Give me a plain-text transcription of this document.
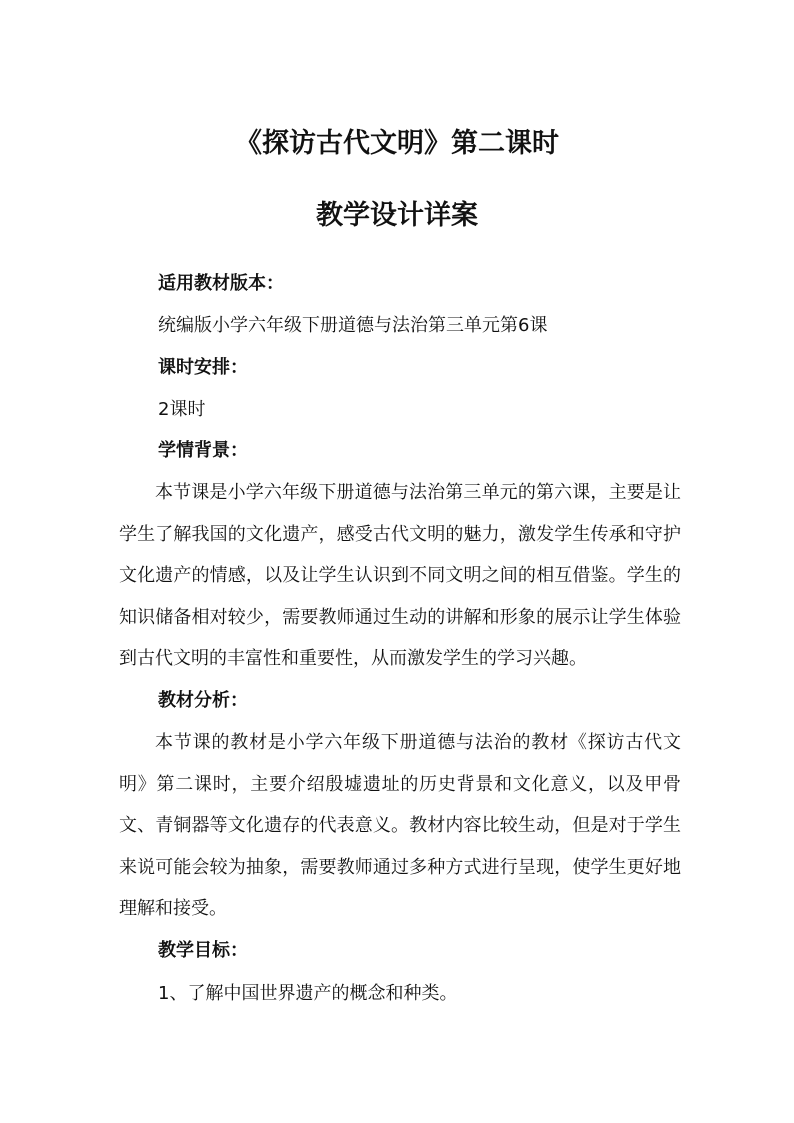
《探访古代文明》第二课时
教学设计详案
适用教材版本：
统编版小学六年级下册道德与法治第三单元第6课
课时安排：
2课时
学情背景：
本节课是小学六年级下册道德与法治第三单元的第六课，主要是让学生了解我国的文化遗产，感受古代文明的魅力，激发学生传承和守护文化遗产的情感，以及让学生认识到不同文明之间的相互借鉴。学生的知识储备相对较少，需要教师通过生动的讲解和形象的展示让学生体验到古代文明的丰富性和重要性，从而激发学生的学习兴趣。
教材分析：
本节课的教材是小学六年级下册道德与法治的教材《探访古代文明》第二课时，主要介绍殷墟遗址的历史背景和文化意义，以及甲骨文、青铜器等文化遗存的代表意义。教材内容比较生动，但是对于学生来说可能会较为抽象，需要教师通过多种方式进行呈现，使学生更好地理解和接受。
教学目标：
1、了解中国世界遗产的概念和种类。
